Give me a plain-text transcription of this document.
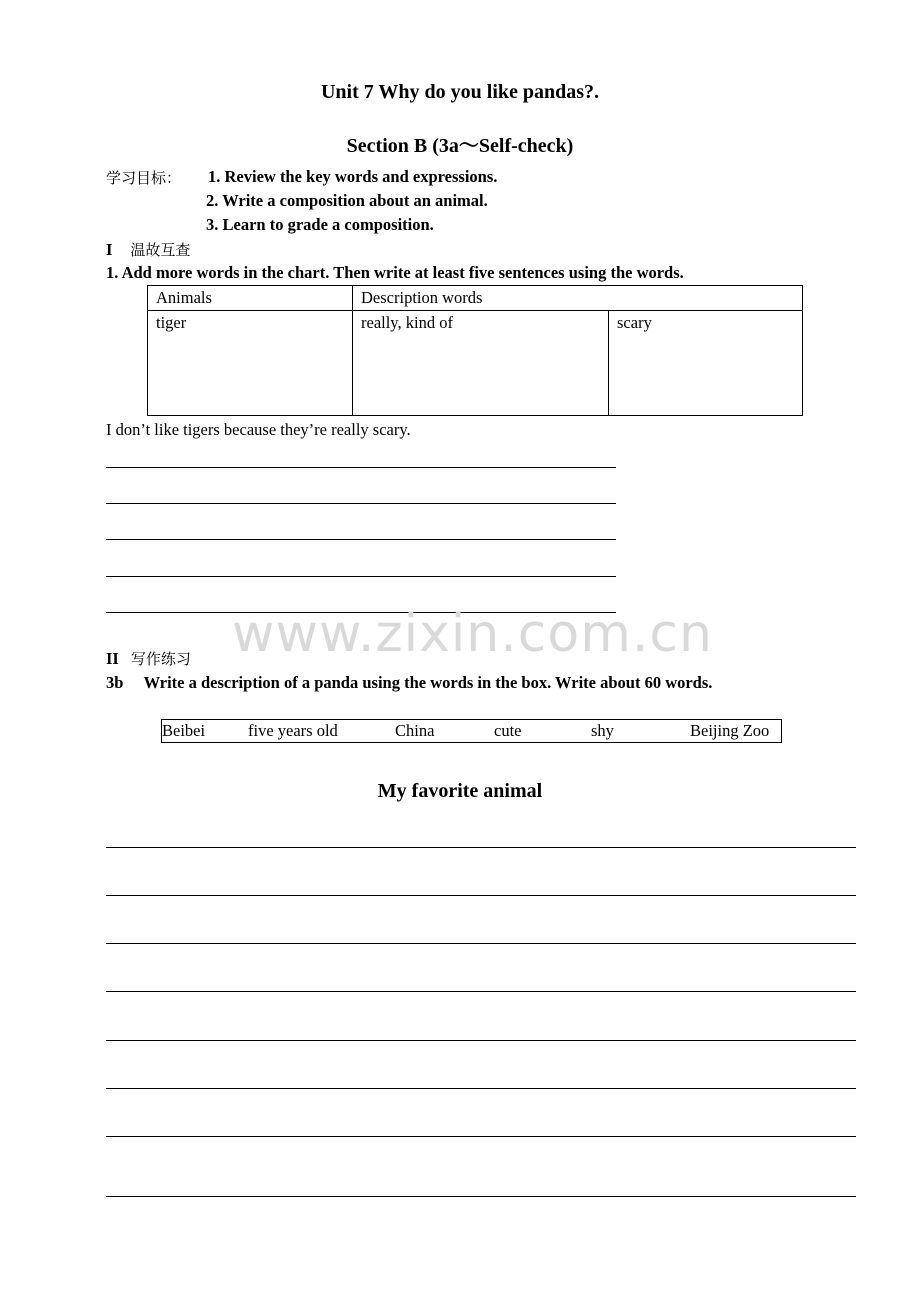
Unit 7 Why do you like pandas?.
Section B (3a～Self-check)
学习目标： 1. Review the key words and expressions.
2. Write a composition about an animal.
3. Learn to grade a composition.
I 温故互查
1. Add more words in the chart. Then write at least five sentences using the words.
Animals	Description words	
tiger	really, kind of	scary
I don’t like tigers because they’re really scary.
www.zixin.com.cn
II 写作练习
3b Write a description of a panda using the words in the box. Write about 60 words.
Beibei	five years old	China	cute	shy	Beijing Zoo
My favorite animal
